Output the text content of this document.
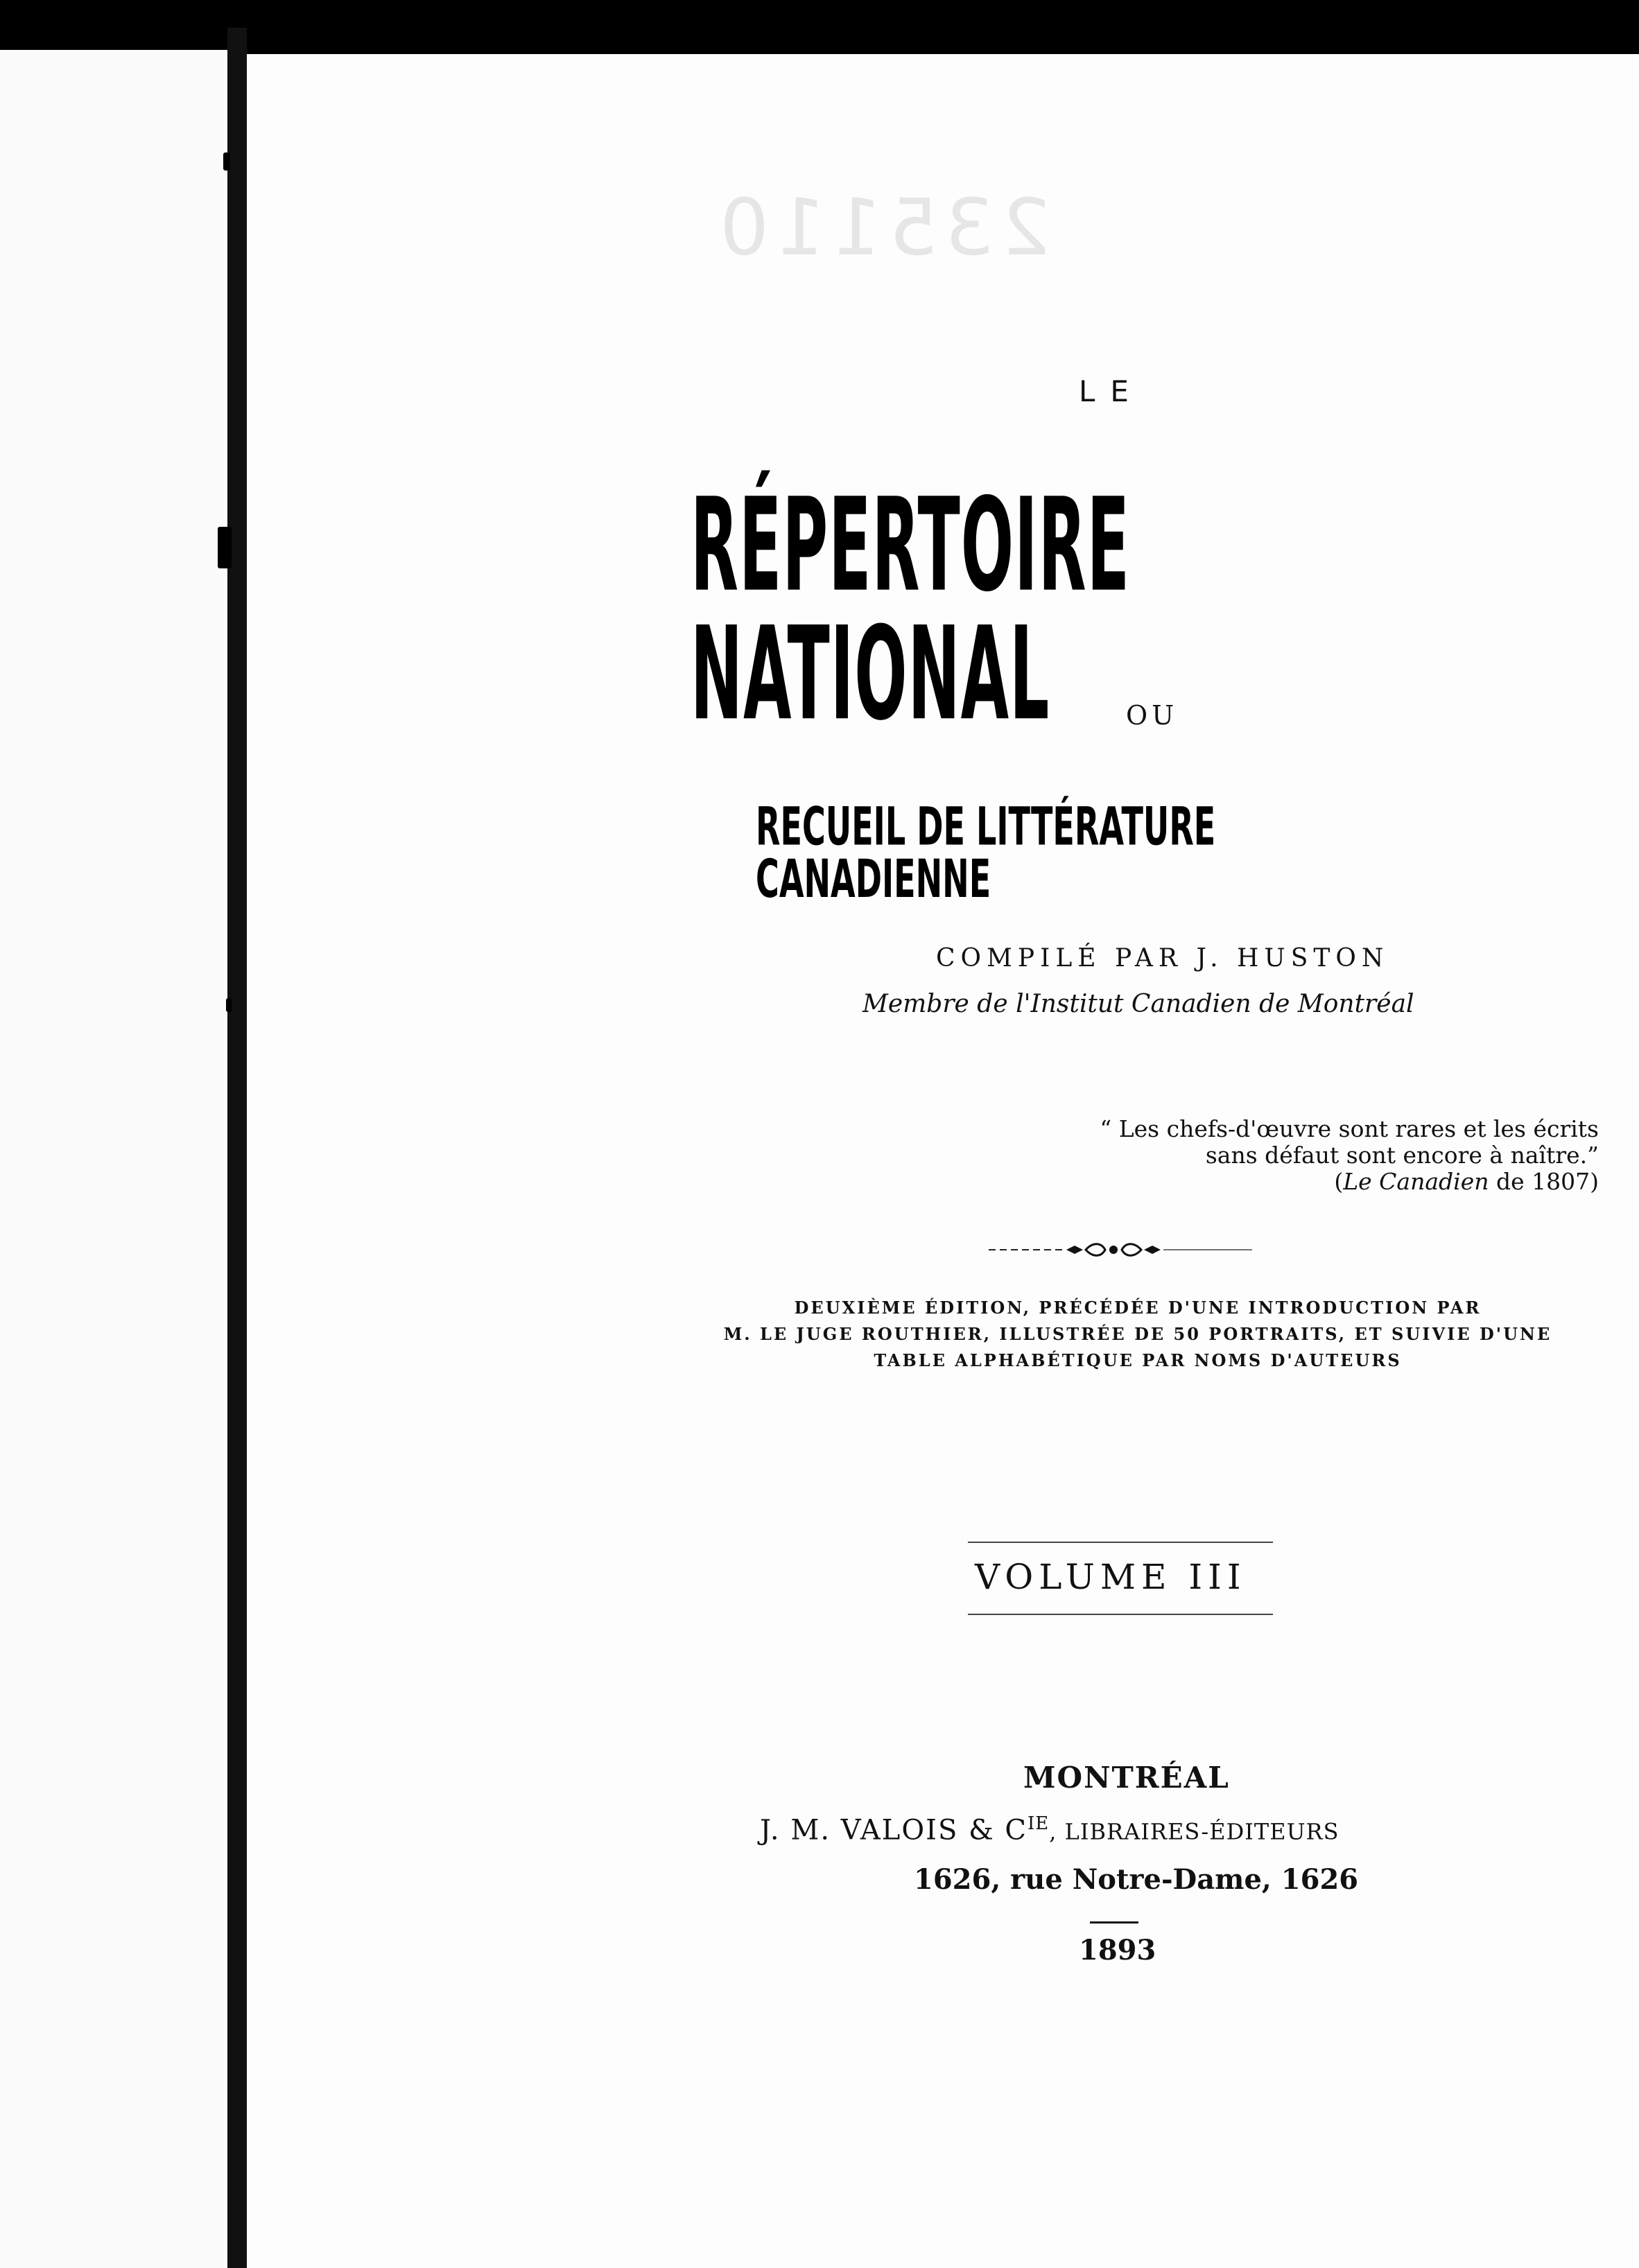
235110
LE
RÉPERTOIRE NATIONAL	OU
RECUEIL DE LITTÉRATURE CANADIENNE
COMPILÉ PAR J. HUSTON
Membre de l'Institut Canadien de Montréal
“ Les chefs-d'œuvre sont rares et les écrits
sans défaut sont encore à naître.”
(Le Canadien de 1807)
DEUXIÈME ÉDITION, PRÉCÉDÉE D'UNE INTRODUCTION PAR
M. LE JUGE ROUTHIER, ILLUSTRÉE DE 50 PORTRAITS, ET SUIVIE D'UNE
TABLE ALPHABÉTIQUE PAR NOMS D'AUTEURS
VOLUME III
MONTRÉAL
J. M. VALOIS & $C^{IE}$, LIBRAIRES-ÉDITEURS
1626, rue Notre-Dame, 1626
1893
